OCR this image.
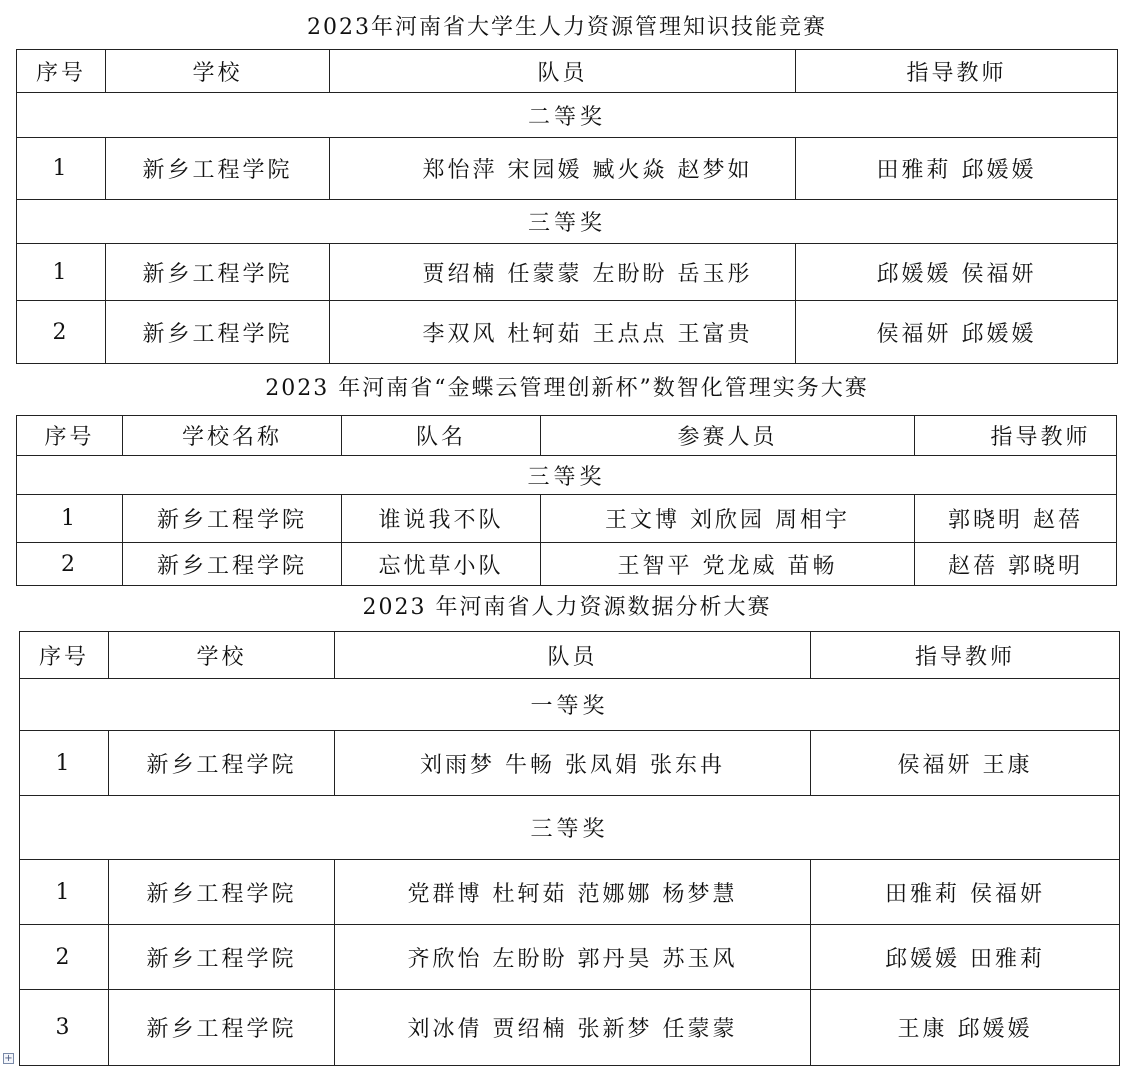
2023年河南省大学生人力资源管理知识技能竞赛
序号	学校	队员	指导教师
二等奖			
1	新乡工程学院	郑怡萍 宋园媛 臧火焱 赵梦如	田雅莉 邱媛媛
三等奖			
1	新乡工程学院	贾绍楠 任蒙蒙 左盼盼 岳玉彤	邱媛媛 侯福妍
2	新乡工程学院	李双风 杜轲茹 王点点 王富贵	侯福妍 邱媛媛
2023 年河南省“金蝶云管理创新杯”数智化管理实务大赛
序号	学校名称	队名	参赛人员	指导教师
三等奖				
1	新乡工程学院	谁说我不队	王文博 刘欣园 周相宇	郭晓明 赵蓓
2	新乡工程学院	忘忧草小队	王智平 党龙威 苗畅	赵蓓 郭晓明
2023 年河南省人力资源数据分析大赛
序号	学校	队员	指导教师
一等奖			
1	新乡工程学院	刘雨梦 牛畅 张凤娟 张东冉	侯福妍 王康
三等奖			
1	新乡工程学院	党群博 杜轲茹 范娜娜 杨梦慧	田雅莉 侯福妍
2	新乡工程学院	齐欣怡 左盼盼 郭丹昊 苏玉风	邱媛媛 田雅莉
3	新乡工程学院	刘冰倩 贾绍楠 张新梦 任蒙蒙	王康 邱媛媛
+
